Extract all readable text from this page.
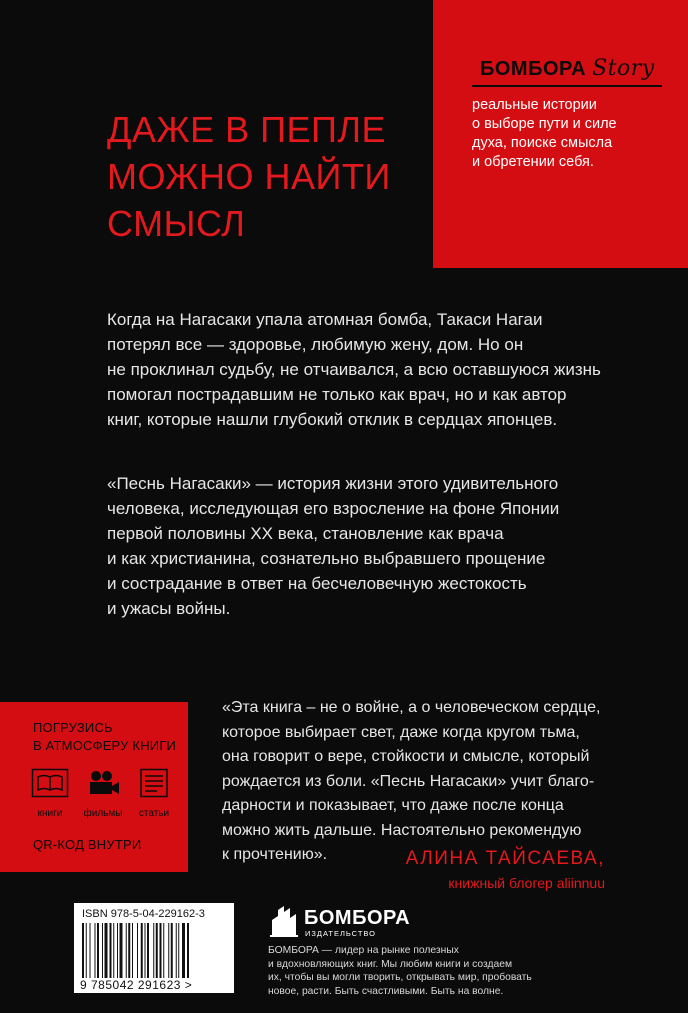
БОМБОРА Story
реальные истории
о выборе пути и силе
духа, поиске смысла
и обретении себя.
ДАЖЕ В ПЕПЛЕ
МОЖНО НАЙТИ
СМЫСЛ
Когда на Нагасаки упала атомная бомба, Такаси Нагаи
потерял все — здоровье, любимую жену, дом. Но он
не проклинал судьбу, не отчаивался, а всю оставшуюся жизнь
помогал пострадавшим не только как врач, но и как автор
книг, которые нашли глубокий отклик в сердцах японцев.
«Песнь Нагасаки» — история жизни этого удивительного
человека, исследующая его взросление на фоне Японии
первой половины XX века, становление как врача
и как христианина, сознательно выбравшего прощение
и сострадание в ответ на бесчеловечную жестокость
и ужасы войны.
ПОГРУЗИСЬ
В АТМОСФЕРУ КНИГИ
книги	фильмы	статьи
QR-КОД ВНУТРИ
«Эта книга – не о войне, а о человеческом сердце,
которое выбирает свет, даже когда кругом тьма,
она говорит о вере, стойкости и смысле, который
рождается из боли. «Песнь Нагасаки» учит благо-
дарности и показывает, что даже после конца
можно жить дальше. Настоятельно рекомендую
к прочтению».	АЛИНА ТАЙСАЕВА,
книжный блогер aliinnuu
ISBN 978-5-04-229162-3
9 785042 291623 >
БОМБОРА
ИЗДАТЕЛЬСТВО
БОМБОРА — лидер на рынке полезных
и вдохновляющих книг. Мы любим книги и создаем
их, чтобы вы могли творить, открывать мир, пробовать
новое, расти. Быть счастливыми. Быть на волне.
